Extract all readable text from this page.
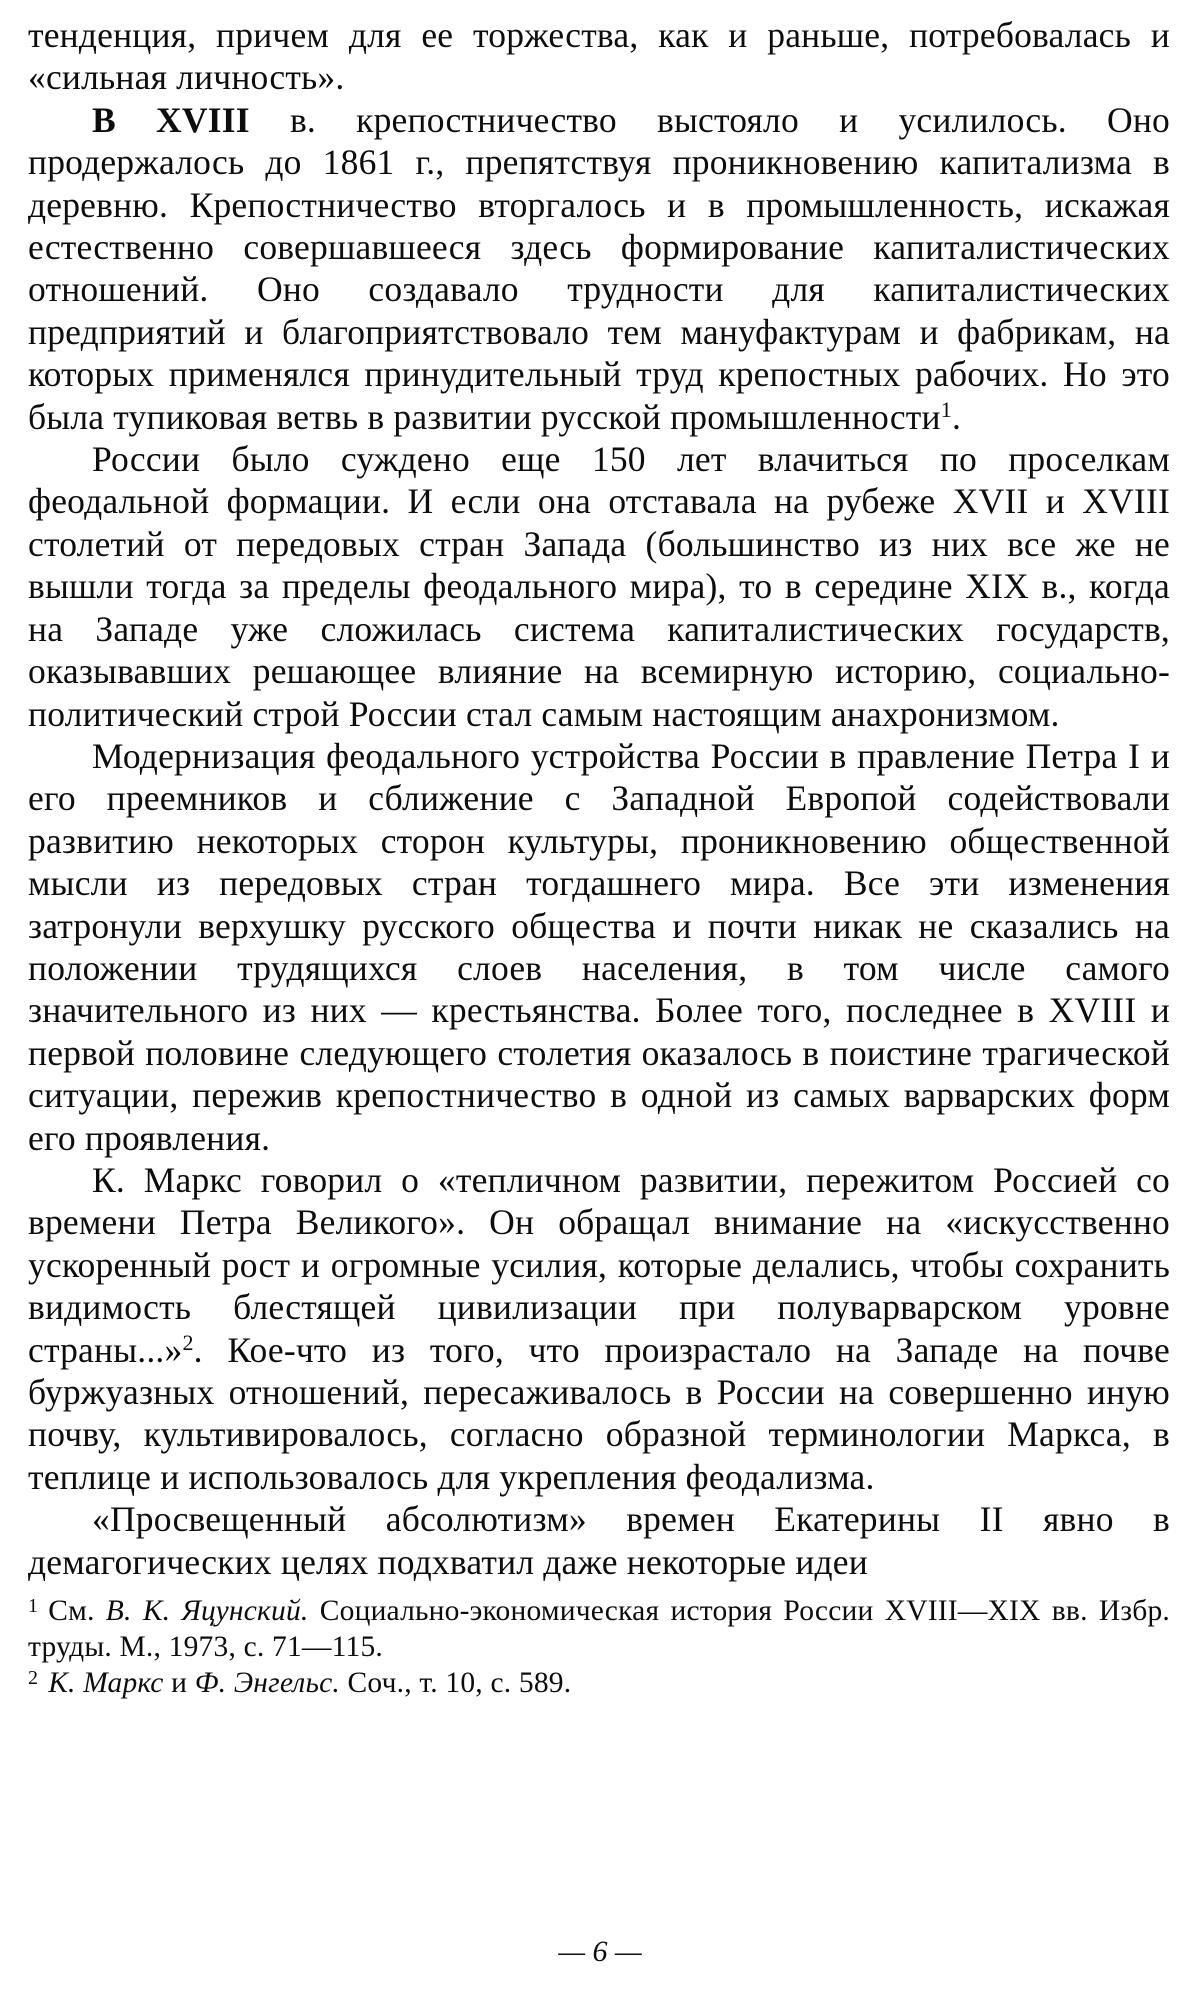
тенденция, причем для ее торжества, как и раньше, потребовалась и «сильная личность».

В XVIII в. крепостничество выстояло и усилилось. Оно продержалось до 1861 г., препятствуя проникновению капитализма в деревню. Крепостничество вторгалось и в промышленность, искажая естественно совершавшееся здесь формирование капиталистических отношений. Оно создавало трудности для капиталистических предприятий и благоприятствовало тем мануфактурам и фабрикам, на которых применялся принудительный труд крепостных рабочих. Но это была тупиковая ветвь в развитии русской промышленности$^1$.

России было суждено еще 150 лет влачиться по проселкам феодальной формации. И если она отставала на рубеже XVII и XVIII столетий от передовых стран Запада (большинство из них все же не вышли тогда за пределы феодального мира), то в середине XIX в., когда на Западе уже сложилась система капиталистических государств, оказывавших решающее влияние на всемирную историю, социально-политический строй России стал самым настоящим анахронизмом.

Модернизация феодального устройства России в правление Петра I и его преемников и сближение с Западной Европой содействовали развитию некоторых сторон культуры, проникновению общественной мысли из передовых стран тогдашнего мира. Все эти изменения затронули верхушку русского общества и почти никак не сказались на положении трудящихся слоев населения, в том числе самого значительного из них — крестьянства. Более того, последнее в XVIII и первой половине следующего столетия оказалось в поистине трагической ситуации, пережив крепостничество в одной из самых варварских форм его проявления.

К. Маркс говорил о «тепличном развитии, пережитом Россией со времени Петра Великого». Он обращал внимание на «искусственно ускоренный рост и огромные усилия, которые делались, чтобы сохранить видимость блестящей цивилизации при полуварварском уровне страны...»$^2$. Кое-что из того, что произрастало на Западе на почве буржуазных отношений, пересаживалось в России на совершенно иную почву, культивировалось, согласно образной терминологии Маркса, в теплице и использовалось для укрепления феодализма.

«Просвещенный абсолютизм» времен Екатерины II явно в демагогических целях подхватил даже некоторые идеи

$^1$ См. В. К. Яцунский. Социально-экономическая история России XVIII—XIX вв. Избр. труды. М., 1973, с. 71—115.

$^2$ К. Маркс и Ф. Энгельс. Соч., т. 10, с. 589.

— 6 —
